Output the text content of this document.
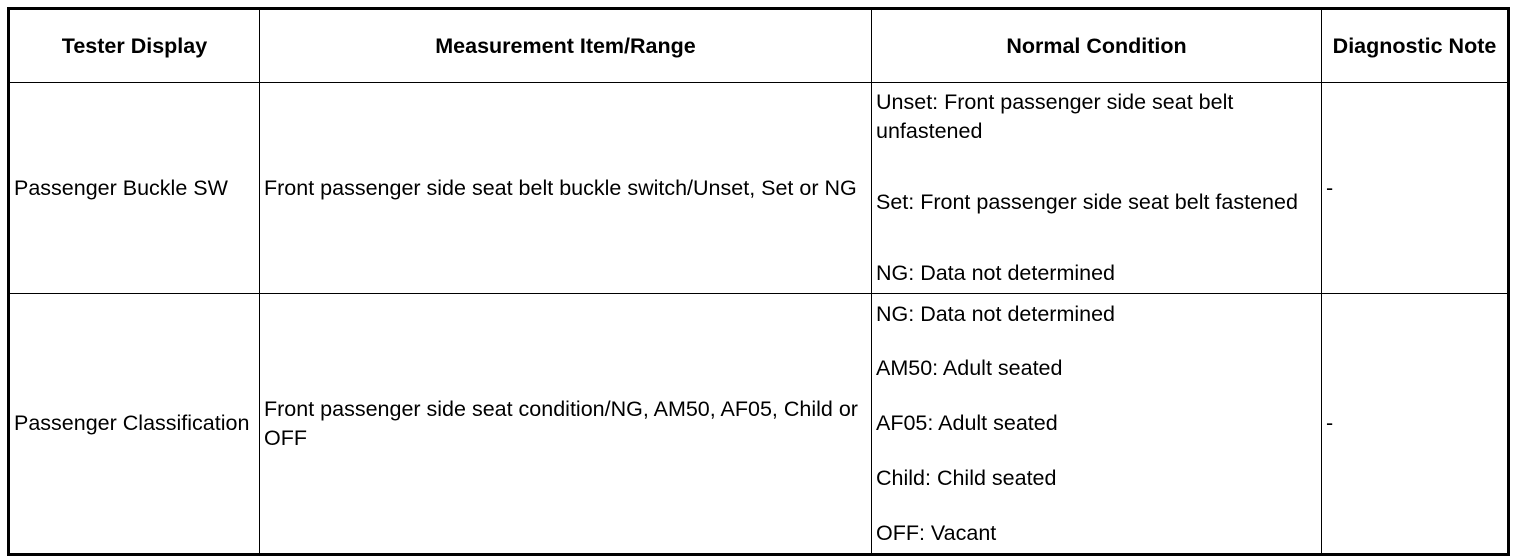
Tester Display	Measurement Item/Range	Normal Condition	Diagnostic Note
Passenger Buckle SW	Front passenger side seat belt buckle switch/Unset, Set or NG	Unset: Front passenger side seat belt unfastened
Set: Front passenger side seat belt fastened
NG: Data not determined	-
Passenger Classification	Front passenger side seat condition/NG, AM50, AF05, Child or OFF	NG: Data not determined
AM50: Adult seated
AF05: Adult seated
Child: Child seated
OFF: Vacant	-
